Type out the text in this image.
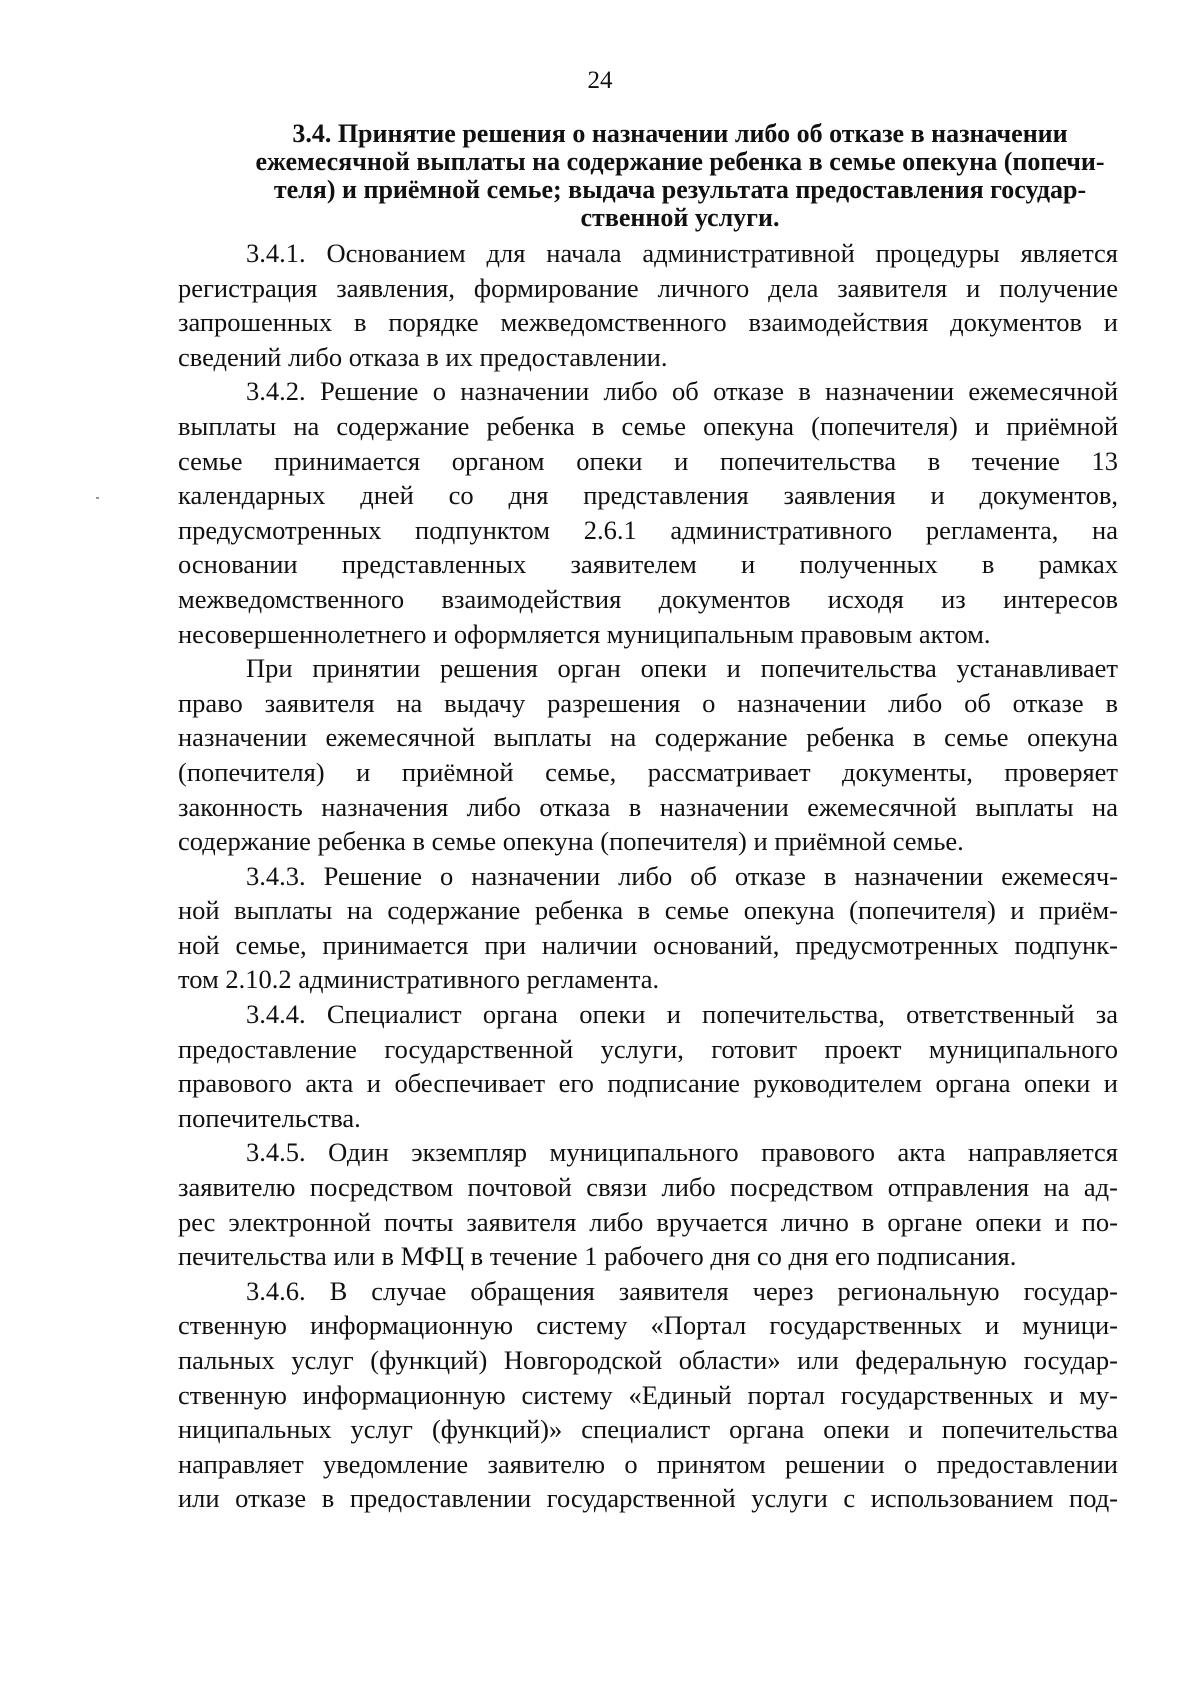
24
3.4. Принятие решения о назначении либо об отказе в назначении
ежемесячной выплаты на содержание ребенка в семье опекуна (попечи-
теля) и приёмной семье; выдача результата предоставления государ-
ственной услуги.
3.4.1. Основанием для начала административной процедуры является
регистрация заявления, формирование личного дела заявителя и получение
запрошенных в порядке межведомственного взаимодействия документов и
сведений либо отказа в их предоставлении.
3.4.2. Решение о назначении либо об отказе в назначении ежемесячной
выплаты на содержание ребенка в семье опекуна (попечителя) и приёмной
семье принимается органом опеки и попечительства в течение 13
календарных дней со дня представления заявления и документов,
предусмотренных подпунктом 2.6.1 административного регламента, на
основании представленных заявителем и полученных в рамках
межведомственного взаимодействия документов исходя из интересов
несовершеннолетнего и оформляется муниципальным правовым актом.
При принятии решения орган опеки и попечительства устанавливает
право заявителя на выдачу разрешения о назначении либо об отказе в
назначении ежемесячной выплаты на содержание ребенка в семье опекуна
(попечителя) и приёмной семье, рассматривает документы, проверяет
законность назначения либо отказа в назначении ежемесячной выплаты на
содержание ребенка в семье опекуна (попечителя) и приёмной семье.
3.4.3. Решение о назначении либо об отказе в назначении ежемесяч-
ной выплаты на содержание ребенка в семье опекуна (попечителя) и приём-
ной семье, принимается при наличии оснований, предусмотренных подпунк-
том 2.10.2 административного регламента.
3.4.4. Специалист органа опеки и попечительства, ответственный за
предоставление государственной услуги, готовит проект муниципального
правового акта и обеспечивает его подписание руководителем органа опеки и
попечительства.
3.4.5. Один экземпляр муниципального правового акта направляется
заявителю посредством почтовой связи либо посредством отправления на ад-
рес электронной почты заявителя либо вручается лично в органе опеки и по-
печительства или в МФЦ в течение 1 рабочего дня со дня его подписания.
3.4.6. В случае обращения заявителя через региональную государ-
ственную информационную систему «Портал государственных и муници-
пальных услуг (функций) Новгородской области» или федеральную государ-
ственную информационную систему «Единый портал государственных и му-
ниципальных услуг (функций)» специалист органа опеки и попечительства
направляет уведомление заявителю о принятом решении о предоставлении
или отказе в предоставлении государственной услуги с использованием под-
